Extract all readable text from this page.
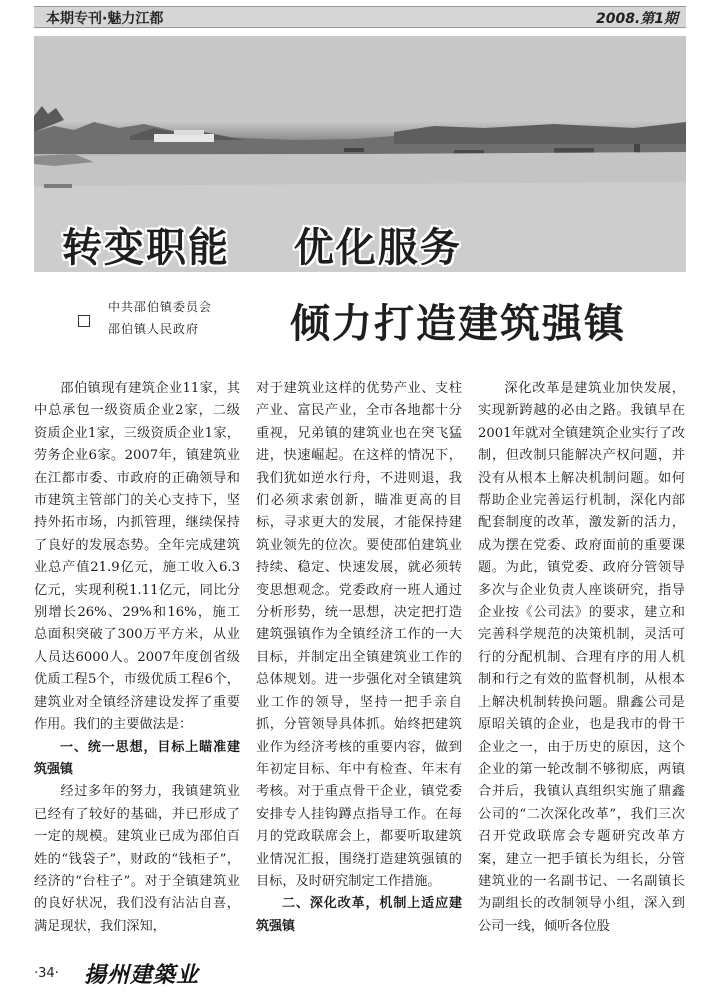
本期专刊·魅力江都	2008.第1期
转变职能    优化服务
倾力打造建筑强镇
中共邵伯镇委员会
邵伯镇人民政府

邵伯镇现有建筑企业11家，其中总承包一级资质企业2家，二级资质企业1家，三级资质企业1家，劳务企业6家。2007年，镇建筑业在江都市委、市政府的正确领导和市建筑主管部门的关心支持下，坚持外拓市场，内抓管理，继续保持了良好的发展态势。全年完成建筑业总产值21.9亿元，施工收入6.3亿元，实现利税1.11亿元，同比分别增长26%、29%和16%，施工总面积突破了300万平方米，从业人员达6000人。2007年度创省级优质工程5个，市级优质工程6个，建筑业对全镇经济建设发挥了重要作用。我们的主要做法是：

一、统一思想，目标上瞄准建筑强镇

经过多年的努力，我镇建筑业已经有了较好的基础，并已形成了一定的规模。建筑业已成为邵伯百姓的“钱袋子”，财政的“钱柜子”，经济的“台柱子”。对于全镇建筑业的良好状况，我们没有沾沾自喜，满足现状，我们深知，

对于建筑业这样的优势产业、支柱产业、富民产业，全市各地都十分重视，兄弟镇的建筑业也在突飞猛进，快速崛起。在这样的情况下，我们犹如逆水行舟，不进则退，我们必须求索创新，瞄准更高的目标，寻求更大的发展，才能保持建筑业领先的位次。要使邵伯建筑业持续、稳定、快速发展，就必须转变思想观念。党委政府一班人通过分析形势，统一思想，决定把打造建筑强镇作为全镇经济工作的一大目标，并制定出全镇建筑业工作的总体规划。进一步强化对全镇建筑业工作的领导，坚持一把手亲自抓，分管领导具体抓。始终把建筑业作为经济考核的重要内容，做到年初定目标、年中有检查、年末有考核。对于重点骨干企业，镇党委安排专人挂钩蹲点指导工作。在每月的党政联席会上，都要听取建筑业情况汇报，围绕打造建筑强镇的目标，及时研究制定工作措施。

二、深化改革，机制上适应建筑强镇

深化改革是建筑业加快发展，实现新跨越的必由之路。我镇早在2001年就对全镇建筑企业实行了改制，但改制只能解决产权问题，并没有从根本上解决机制问题。如何帮助企业完善运行机制，深化内部配套制度的改革，激发新的活力，成为摆在党委、政府面前的重要课题。为此，镇党委、政府分管领导多次与企业负责人座谈研究，指导企业按《公司法》的要求，建立和完善科学规范的决策机制，灵活可行的分配机制、合理有序的用人机制和行之有效的监督机制，从根本上解决机制转换问题。鼎鑫公司是原昭关镇的企业，也是我市的骨干企业之一，由于历史的原因，这个企业的第一轮改制不够彻底，两镇合并后，我镇认真组织实施了鼎鑫公司的“二次深化改革”，我们三次召开党政联席会专题研究改革方案，建立一把手镇长为组长，分管建筑业的一名副书记、一名副镇长为副组长的改制领导小组，深入到公司一线，倾听各位股

·34·	揚州建築业
